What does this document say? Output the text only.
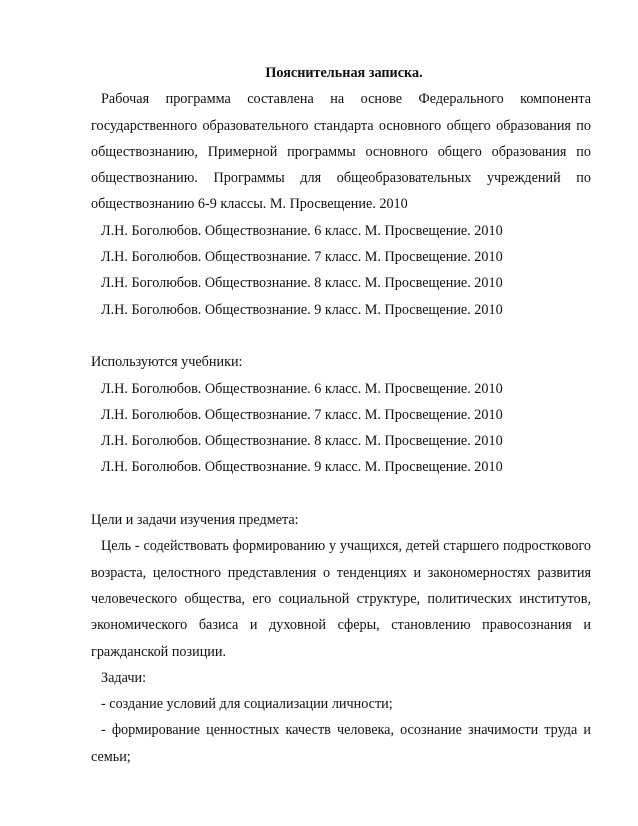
Пояснительная записка.

Рабочая программа составлена на основе Федерального компонента государственного образовательного стандарта основного общего образования по обществознанию, Примерной программы основного общего образования по обществознанию. Программы для общеобразовательных учреждений по обществознанию 6-9 классы. М. Просвещение. 2010

Л.Н. Боголюбов. Обществознание. 6 класс. М. Просвещение. 2010

Л.Н. Боголюбов. Обществознание. 7 класс. М. Просвещение. 2010

Л.Н. Боголюбов. Обществознание. 8 класс. М. Просвещение. 2010

Л.Н. Боголюбов. Обществознание. 9 класс. М. Просвещение. 2010

Используются учебники:

Л.Н. Боголюбов. Обществознание. 6 класс. М. Просвещение. 2010

Л.Н. Боголюбов. Обществознание. 7 класс. М. Просвещение. 2010

Л.Н. Боголюбов. Обществознание. 8 класс. М. Просвещение. 2010

Л.Н. Боголюбов. Обществознание. 9 класс. М. Просвещение. 2010

Цели и задачи изучения предмета:

Цель - содействовать формированию у учащихся, детей старшего подросткового возраста, целостного представления о тенденциях и закономерностях развития человеческого общества, его социальной структуре, политических институтов, экономического базиса и духовной сферы, становлению правосознания и гражданской позиции.

Задачи:

- создание условий для социализации личности;

- формирование ценностных качеств человека, осознание значимости труда и семьи;
